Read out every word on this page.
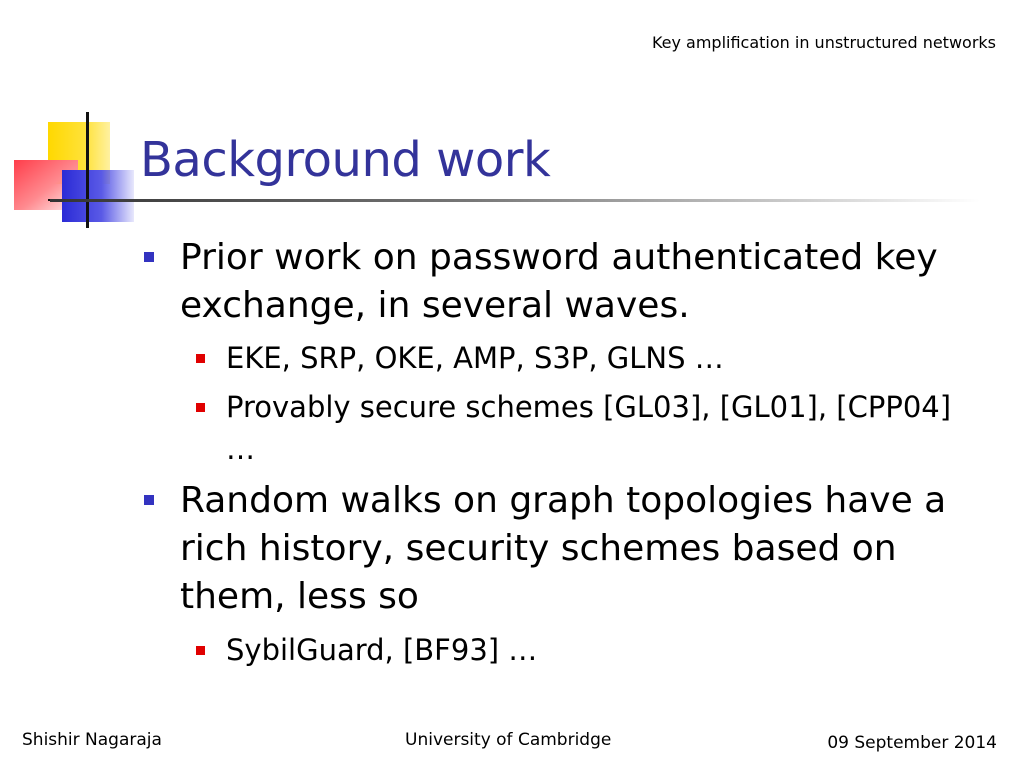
Key amplification in unstructured networks
Background work
Prior work on password authenticated key exchange, in several waves.
EKE, SRP, OKE, AMP, S3P, GLNS …
Provably secure schemes [GL03], [GL01], [CPP04] …
Random walks on graph topologies have a rich history, security schemes based on them, less so
SybilGuard, [BF93] …
Shishir Nagaraja	University of Cambridge	09 September 2014
